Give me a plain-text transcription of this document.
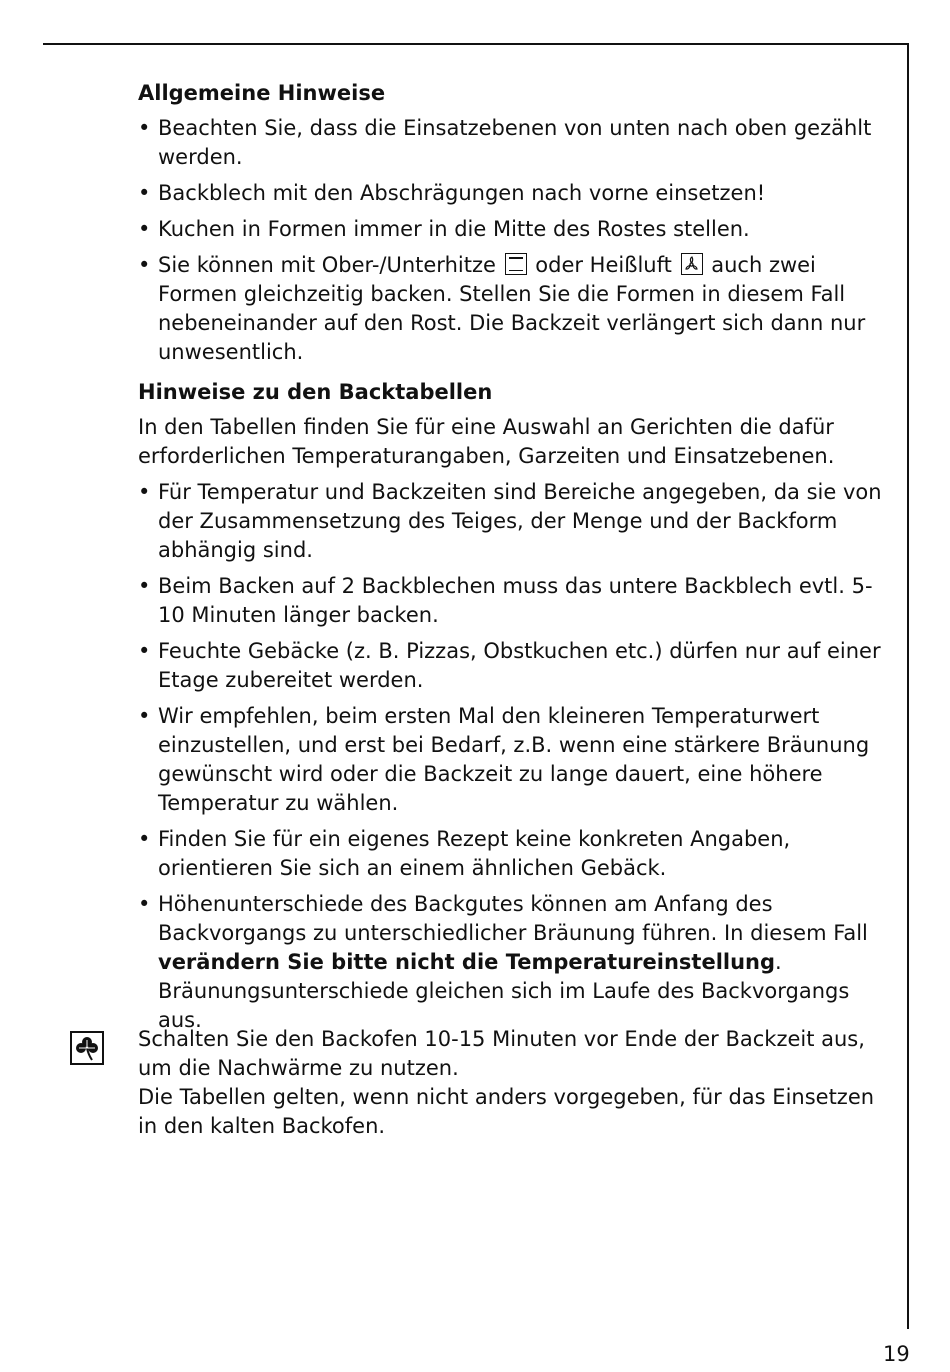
Allgemeine Hinweise
• Beachten Sie, dass die Einsatzebenen von unten nach oben gezählt werden.
• Backblech mit den Abschrägungen nach vorne einsetzen!
• Kuchen in Formen immer in die Mitte des Rostes stellen.
• Sie können mit Ober-/Unterhitze oder Heißluft auch zwei Formen gleichzeitig backen. Stellen Sie die Formen in diesem Fall nebeneinander auf den Rost. Die Backzeit verlängert sich dann nur unwesentlich.
Hinweise zu den Backtabellen

In den Tabellen finden Sie für eine Auswahl an Gerichten die dafür erforderlichen Temperaturangaben, Garzeiten und Einsatzebenen.

• Für Temperatur und Backzeiten sind Bereiche angegeben, da sie von der Zusammensetzung des Teiges, der Menge und der Backform abhängig sind.
• Beim Backen auf 2 Backblechen muss das untere Backblech evtl. 5-10 Minuten länger backen.
• Feuchte Gebäcke (z. B. Pizzas, Obstkuchen etc.) dürfen nur auf einer Etage zubereitet werden.
• Wir empfehlen, beim ersten Mal den kleineren Temperaturwert einzustellen, und erst bei Bedarf, z.B. wenn eine stärkere Bräunung gewünscht wird oder die Backzeit zu lange dauert, eine höhere Temperatur zu wählen.
• Finden Sie für ein eigenes Rezept keine konkreten Angaben, orientieren Sie sich an einem ähnlichen Gebäck.
• Höhenunterschiede des Backgutes können am Anfang des Backvorgangs zu unterschiedlicher Bräunung führen. In diesem Fall verändern Sie bitte nicht die Temperatureinstellung.
Bräunungsunterschiede gleichen sich im Laufe des Backvorgangs aus.

Schalten Sie den Backofen 10-15 Minuten vor Ende der Backzeit aus, um die Nachwärme zu nutzen.

Die Tabellen gelten, wenn nicht anders vorgegeben, für das Einsetzen in den kalten Backofen.

19
